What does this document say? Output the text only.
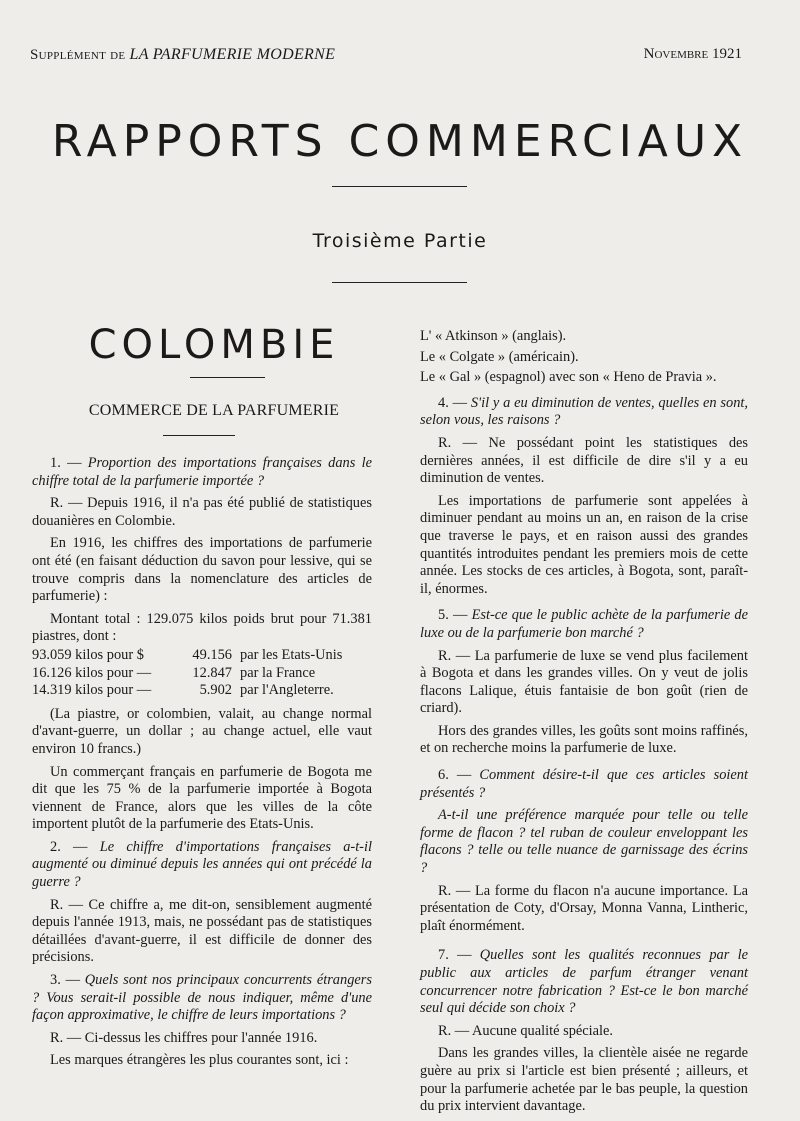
Supplément de LA PARFUMERIE MODERNE	Novembre 1921
RAPPORTS COMMERCIAUX
Troisième Partie
COLOMBIE
COMMERCE DE LA PARFUMERIE

1. — Proportion des importations françaises dans le chiffre total de la parfumerie importée ?

R. — Depuis 1916, il n'a pas été publié de statistiques douanières en Colombie.

En 1916, les chiffres des importations de parfumerie ont été (en faisant déduction du savon pour lessive, qui se trouve compris dans la nomenclature des articles de parfumerie) :

Montant total : 129.075 kilos poids brut pour 71.381 piastres, dont :

93.059 kilos pour $	49.156 par les Etats-Unis
16.126 kilos pour —	12.847 par la France
14.319 kilos pour —	5.902 par l'Angleterre.

(La piastre, or colombien, valait, au change normal d'avant-guerre, un dollar ; au change actuel, elle vaut environ 10 francs.)

Un commerçant français en parfumerie de Bogota me dit que les 75 % de la parfumerie importée à Bogota viennent de France, alors que les villes de la côte importent plutôt de la parfumerie des Etats-Unis.

2. — Le chiffre d'importations françaises a-t-il augmenté ou diminué depuis les années qui ont précédé la guerre ?

R. — Ce chiffre a, me dit-on, sensiblement augmenté depuis l'année 1913, mais, ne possédant pas de statistiques détaillées d'avant-guerre, il est difficile de donner des précisions.

3. — Quels sont nos principaux concurrents étrangers ? Vous serait-il possible de nous indiquer, même d'une façon approximative, le chiffre de leurs importations ?

R. — Ci-dessus les chiffres pour l'année 1916.

Les marques étrangères les plus courantes sont, ici :

L' « Atkinson » (anglais).

Le « Colgate » (américain).

Le « Gal » (espagnol) avec son « Heno de Pravia ».

4. — S'il y a eu diminution de ventes, quelles en sont, selon vous, les raisons ?

R. — Ne possédant point les statistiques des dernières années, il est difficile de dire s'il y a eu diminution de ventes.

Les importations de parfumerie sont appelées à diminuer pendant au moins un an, en raison de la crise que traverse le pays, et en raison aussi des grandes quantités introduites pendant les premiers mois de cette année. Les stocks de ces articles, à Bogota, sont, paraît-il, énormes.

5. — Est-ce que le public achète de la parfumerie de luxe ou de la parfumerie bon marché ?

R. — La parfumerie de luxe se vend plus facilement à Bogota et dans les grandes villes. On y veut de jolis flacons Lalique, étuis fantaisie de bon goût (rien de criard).

Hors des grandes villes, les goûts sont moins raffinés, et on recherche moins la parfumerie de luxe.

6. — Comment désire-t-il que ces articles soient présentés ?

A-t-il une préférence marquée pour telle ou telle forme de flacon ? tel ruban de couleur enveloppant les flacons ? telle ou telle nuance de garnissage des écrins ?

R. — La forme du flacon n'a aucune importance. La présentation de Coty, d'Orsay, Monna Vanna, Lintheric, plaît énormément.

7. — Quelles sont les qualités reconnues par le public aux articles de parfum étranger venant concurrencer notre fabrication ? Est-ce le bon marché seul qui décide son choix ?

R. — Aucune qualité spéciale.

Dans les grandes villes, la clientèle aisée ne regarde guère au prix si l'article est bien présenté ; ailleurs, et pour la parfumerie achetée par le bas peuple, la question du prix intervient davantage.
